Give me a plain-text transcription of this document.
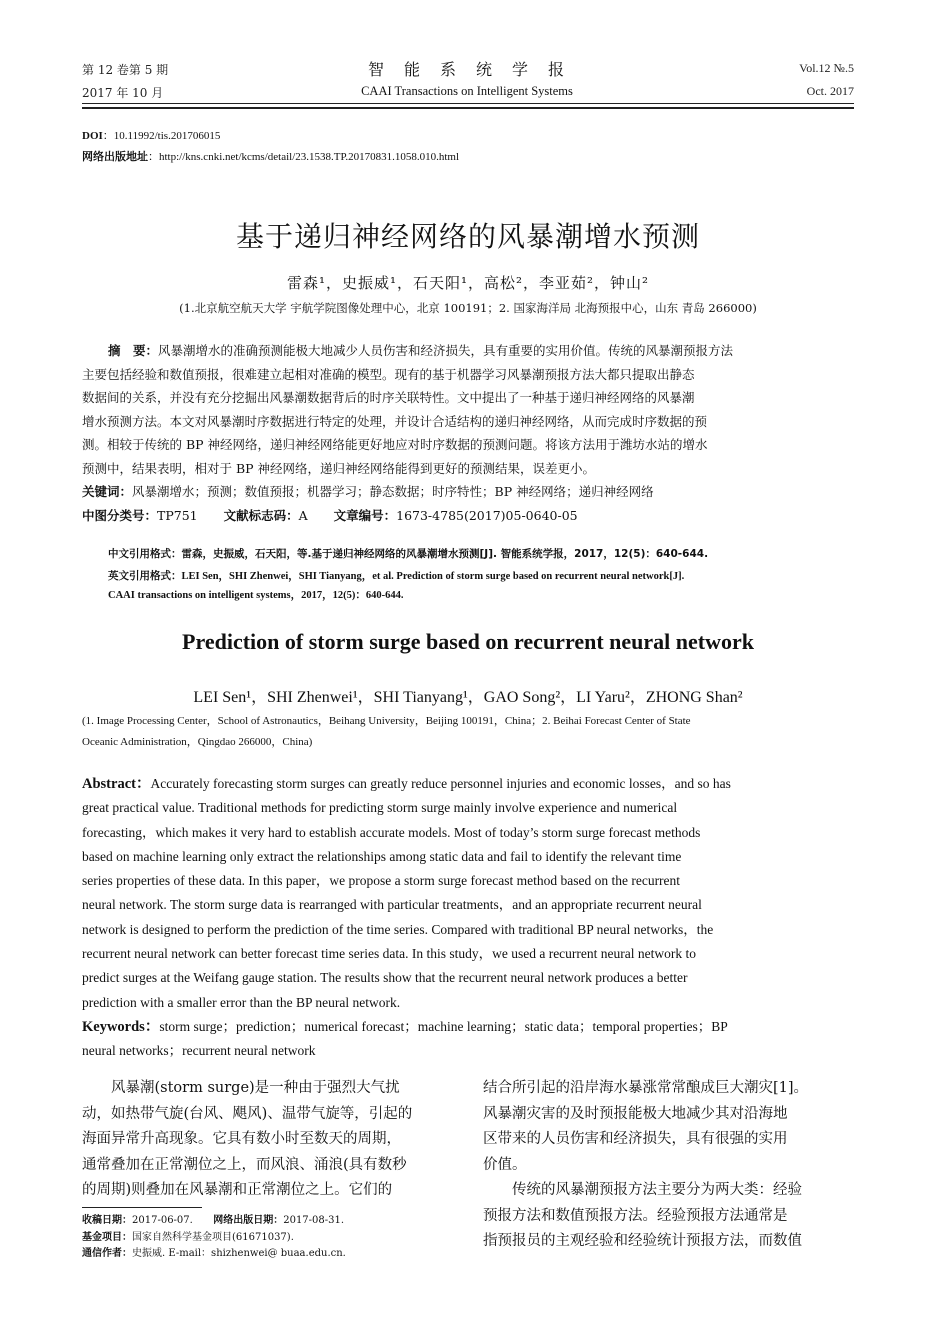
第 12 卷第 5 期
2017 年 10 月
智　能　系　统　学　报
CAAI Transactions on Intelligent Systems
Vol.12 №.5
Oct. 2017
DOI：10.11992/tis.201706015
网络出版地址：http://kns.cnki.net/kcms/detail/23.1538.TP.20170831.1058.010.html
基于递归神经网络的风暴潮增水预测
雷森¹，史振威¹，石天阳¹，高松²，李亚茹²，钟山²
(1.北京航空航天大学 宇航学院图像处理中心，北京 100191；2. 国家海洋局 北海预报中心，山东 青岛 266000)
摘　要：风暴潮增水的准确预测能极大地减少人员伤害和经济损失，具有重要的实用价值。传统的风暴潮预报方法
主要包括经验和数值预报，很难建立起相对准确的模型。现有的基于机器学习风暴潮预报方法大都只提取出静态
数据间的关系，并没有充分挖掘出风暴潮数据背后的时序关联特性。文中提出了一种基于递归神经网络的风暴潮
增水预测方法。本文对风暴潮时序数据进行特定的处理，并设计合适结构的递归神经网络，从而完成时序数据的预
测。相较于传统的 BP 神经网络，递归神经网络能更好地应对时序数据的预测问题。将该方法用于潍坊水站的增水
预测中，结果表明，相对于 BP 神经网络，递归神经网络能得到更好的预测结果，误差更小。
关键词：风暴潮增水；预测；数值预报；机器学习；静态数据；时序特性；BP 神经网络；递归神经网络
中图分类号：TP751 文献标志码：A 文章编号：1673-4785(2017)05-0640-05
中文引用格式：雷森，史振威，石天阳，等.基于递归神经网络的风暴潮增水预测[J]. 智能系统学报，2017，12(5)：640-644.
英文引用格式：LEI Sen，SHI Zhenwei，SHI Tianyang，et al. Prediction of storm surge based on recurrent neural network[J].
CAAI transactions on intelligent systems，2017，12(5)：640-644.
Prediction of storm surge based on recurrent neural network
LEI Sen¹，SHI Zhenwei¹，SHI Tianyang¹，GAO Song²，LI Yaru²，ZHONG Shan²
(1. Image Processing Center，School of Astronautics，Beihang University，Beijing 100191，China；2. Beihai Forecast Center of State
Oceanic Administration，Qingdao 266000，China)
Abstract：Accurately forecasting storm surges can greatly reduce personnel injuries and economic losses，and so has
great practical value. Traditional methods for predicting storm surge mainly involve experience and numerical
forecasting，which makes it very hard to establish accurate models. Most of today’s storm surge forecast methods
based on machine learning only extract the relationships among static data and fail to identify the relevant time
series properties of these data. In this paper，we propose a storm surge forecast method based on the recurrent
neural network. The storm surge data is rearranged with particular treatments，and an appropriate recurrent neural
network is designed to perform the prediction of the time series. Compared with traditional BP neural networks，the
recurrent neural network can better forecast time series data. In this study，we used a recurrent neural network to
predict surges at the Weifang gauge station. The results show that the recurrent neural network produces a better
prediction with a smaller error than the BP neural network.
Keywords：storm surge；prediction；numerical forecast；machine learning；static data；temporal properties；BP
neural networks；recurrent neural network
　　风暴潮(storm surge)是一种由于强烈大气扰
动，如热带气旋(台风、飓风)、温带气旋等，引起的
海面异常升高现象。它具有数小时至数天的周期，
通常叠加在正常潮位之上，而风浪、涌浪(具有数秒
的周期)则叠加在风暴潮和正常潮位之上。它们的
结合所引起的沿岸海水暴涨常常酿成巨大潮灾[1]。
风暴潮灾害的及时预报能极大地减少其对沿海地
区带来的人员伤害和经济损失，具有很强的实用
价值。
　　传统的风暴潮预报方法主要分为两大类：经验
预报方法和数值预报方法。经验预报方法通常是
指预报员的主观经验和经验统计预报方法，而数值
收稿日期：2017-06-07. 网络出版日期：2017-08-31.
基金项目：国家自然科学基金项目(61671037).
通信作者：史振威. E-mail：shizhenwei@ buaa.edu.cn.
